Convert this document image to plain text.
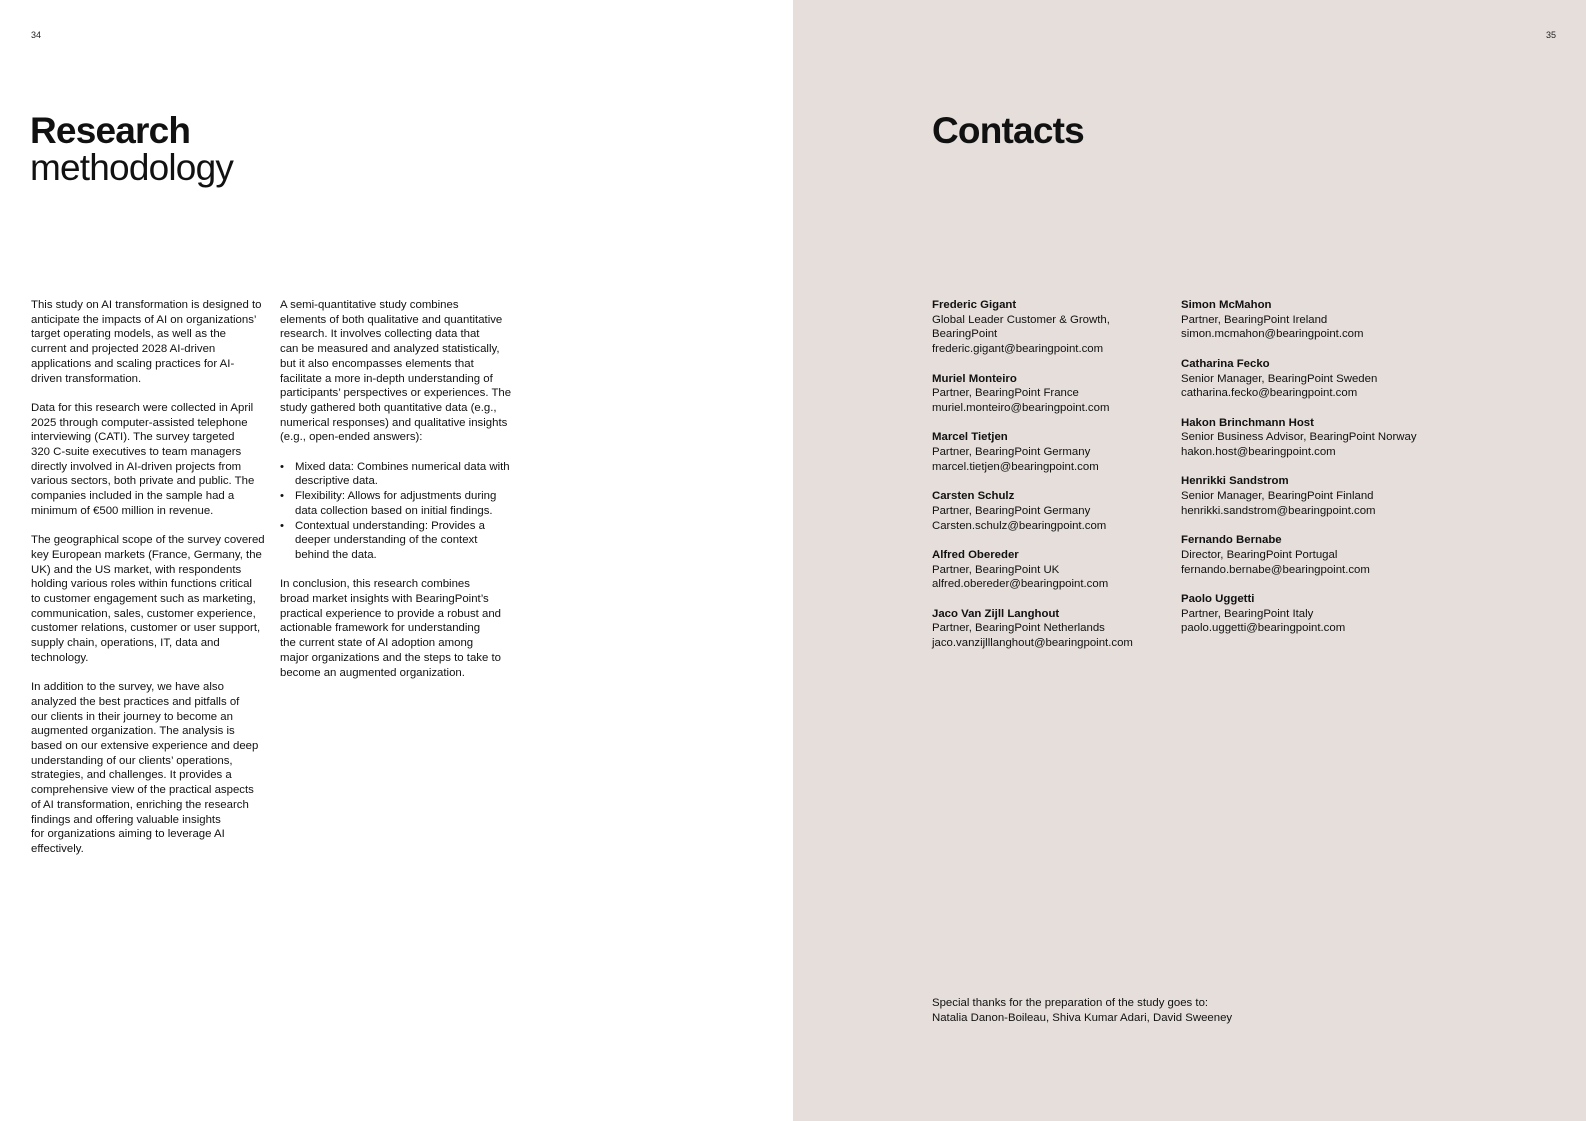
34
Research
methodology

This study on AI transformation is designed to
anticipate the impacts of AI on organizations’
target operating models, as well as the
current and projected 2028 AI-driven
applications and scaling practices for AI-
driven transformation.

Data for this research were collected in April
2025 through computer-assisted telephone
interviewing (CATI). The survey targeted
320 C-suite executives to team managers
directly involved in AI-driven projects from
various sectors, both private and public. The
companies included in the sample had a
minimum of €500 million in revenue.

The geographical scope of the survey covered
key European markets (France, Germany, the
UK) and the US market, with respondents
holding various roles within functions critical
to customer engagement such as marketing,
communication, sales, customer experience,
customer relations, customer or user support,
supply chain, operations, IT, data and
technology.

In addition to the survey, we have also
analyzed the best practices and pitfalls of
our clients in their journey to become an
augmented organization. The analysis is
based on our extensive experience and deep
understanding of our clients’ operations,
strategies, and challenges. It provides a
comprehensive view of the practical aspects
of AI transformation, enriching the research
findings and offering valuable insights
for organizations aiming to leverage AI
effectively.

A semi-quantitative study combines
elements of both qualitative and quantitative
research. It involves collecting data that
can be measured and analyzed statistically,
but it also encompasses elements that
facilitate a more in-depth understanding of
participants’ perspectives or experiences. The
study gathered both quantitative data (e.g.,
numerical responses) and qualitative insights
(e.g., open-ended answers):

• Mixed data: Combines numerical data with
descriptive data.
• Flexibility: Allows for adjustments during
data collection based on initial findings.
• Contextual understanding: Provides a
deeper understanding of the context
behind the data.

In conclusion, this research combines
broad market insights with BearingPoint’s
practical experience to provide a robust and
actionable framework for understanding
the current state of AI adoption among
major organizations and the steps to take to
become an augmented organization.

35
Contacts
Frederic Gigant
Global Leader Customer & Growth,
BearingPoint
frederic.gigant@bearingpoint.com
Muriel Monteiro
Partner, BearingPoint France
muriel.monteiro@bearingpoint.com
Marcel Tietjen
Partner, BearingPoint Germany
marcel.tietjen@bearingpoint.com
Carsten Schulz
Partner, BearingPoint Germany
Carsten.schulz@bearingpoint.com
Alfred Obereder
Partner, BearingPoint UK
alfred.obereder@bearingpoint.com
Jaco Van Zijll Langhout
Partner, BearingPoint Netherlands
jaco.vanzijlllanghout@bearingpoint.com
Simon McMahon
Partner, BearingPoint Ireland
simon.mcmahon@bearingpoint.com
Catharina Fecko
Senior Manager, BearingPoint Sweden
catharina.fecko@bearingpoint.com
Hakon Brinchmann Host
Senior Business Advisor, BearingPoint Norway
hakon.host@bearingpoint.com
Henrikki Sandstrom
Senior Manager, BearingPoint Finland
henrikki.sandstrom@bearingpoint.com
Fernando Bernabe
Director, BearingPoint Portugal
fernando.bernabe@bearingpoint.com
Paolo Uggetti
Partner, BearingPoint Italy
paolo.uggetti@bearingpoint.com
Special thanks for the preparation of the study goes to:
Natalia Danon-Boileau, Shiva Kumar Adari, David Sweeney
